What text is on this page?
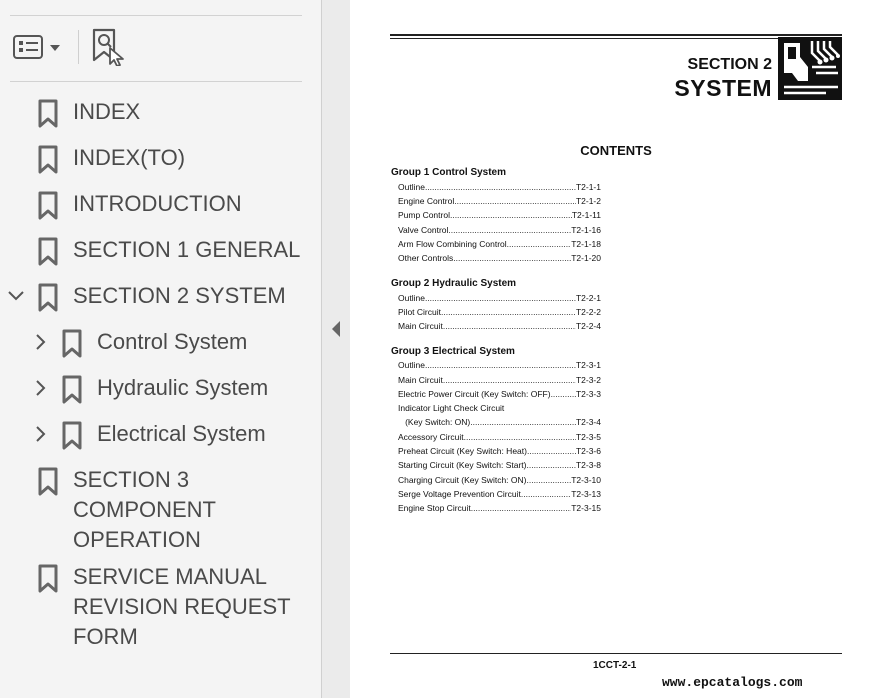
INDEX
INDEX(TO)
INTRODUCTION
SECTION 1 GENERAL
SECTION 2 SYSTEM
Control System
Hydraulic System
Electrical System
SECTION 3
COMPONENT
OPERATION
SERVICE MANUAL
REVISION REQUEST
FORM
SECTION 2
SYSTEM
CONTENTS
Group 1 Control System
Outline .....	T2-1-1
Engine Control .....	T2-1-2
Pump Control .....	T2-1-11
Valve Control .....	T2-1-16
Arm Flow Combining Control .....	T2-1-18
Other Controls .....	T2-1-20
Group 2 Hydraulic System
Outline .....	T2-2-1
Pilot Circuit .....	T2-2-2
Main Circuit .....	T2-2-4
Group 3 Electrical System
Outline .....	T2-3-1
Main Circuit .....	T2-3-2
Electric Power Circuit (Key Switch: OFF) .....	T2-3-3
Indicator Light Check Circuit
(Key Switch: ON) .....	T2-3-4
Accessory Circuit .....	T2-3-5
Preheat Circuit (Key Switch: Heat) .....	T2-3-6
Starting Circuit (Key Switch: Start) .....	T2-3-8
Charging Circuit (Key Switch: ON) .....	T2-3-10
Serge Voltage Prevention Circuit .....	T2-3-13
Engine Stop Circuit .....	T2-3-15
1CCT-2-1
www.epcatalogs.com
